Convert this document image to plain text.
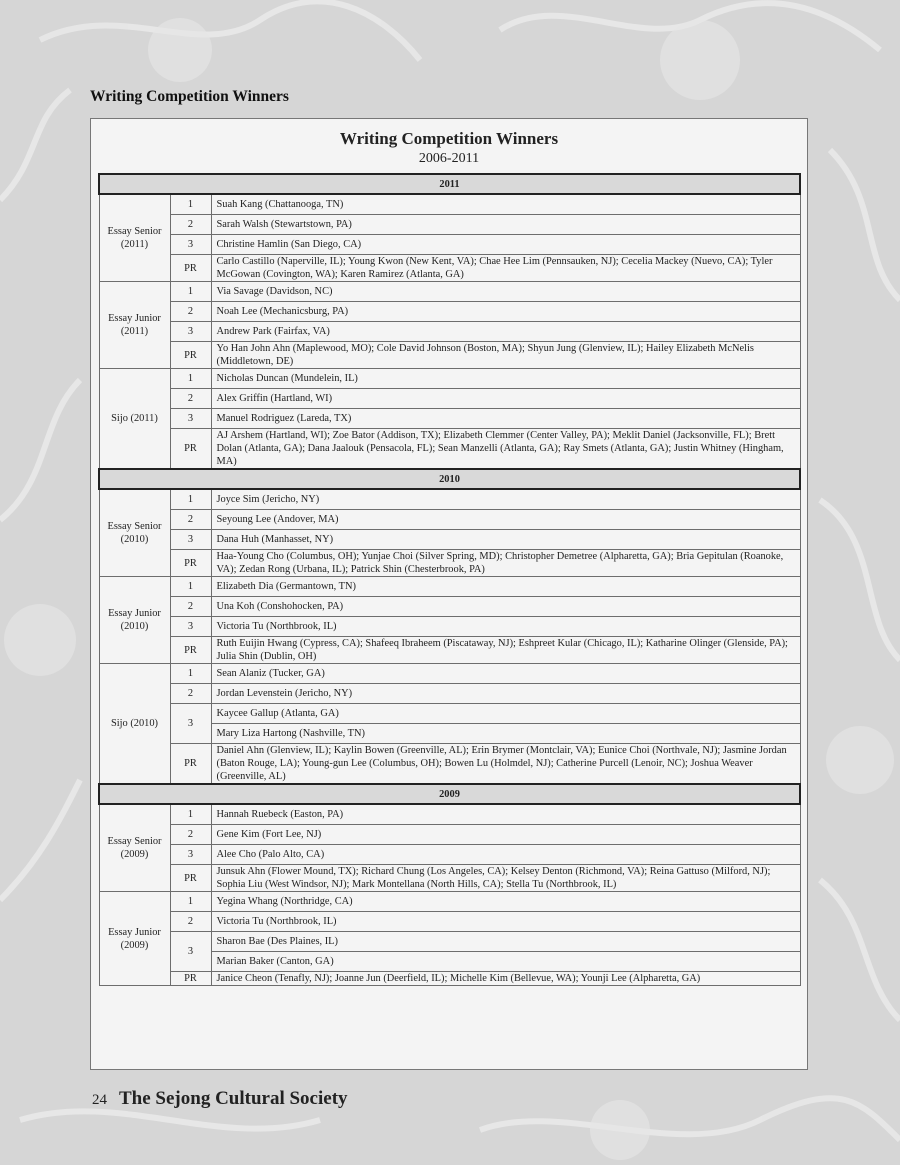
Writing Competition Winners
Writing Competition Winners
2006-2011
2011		
Essay Senior (2011)	1	Suah Kang (Chattanooga, TN)
	2	Sarah Walsh (Stewartstown, PA)
	3	Christine Hamlin (San Diego, CA)
	PR	Carlo Castillo (Naperville, IL); Young Kwon (New Kent, VA); Chae Hee Lim (Pennsauken, NJ); Cecelia Mackey (Nuevo, CA); Tyler McGowan (Covington, WA); Karen Ramirez (Atlanta, GA)
Essay Junior (2011)	1	Via Savage (Davidson, NC)
	2	Noah Lee (Mechanicsburg, PA)
	3	Andrew Park (Fairfax, VA)
	PR	Yo Han John Ahn (Maplewood, MO); Cole David Johnson (Boston, MA); Shyun Jung (Glenview, IL); Hailey Elizabeth McNelis (Middletown, DE)
Sijo (2011)	1	Nicholas Duncan (Mundelein, IL)
	2	Alex Griffin (Hartland, WI)
	3	Manuel Rodriguez (Lareda, TX)
	PR	AJ Arshem (Hartland, WI); Zoe Bator (Addison, TX); Elizabeth Clemmer (Center Valley, PA); Meklit Daniel (Jacksonville, FL); Brett Dolan (Atlanta, GA); Dana Jaalouk (Pensacola, FL); Sean Manzelli (Atlanta, GA); Ray Smets (Atlanta, GA); Justin Whitney (Hingham, MA)
2010		
Essay Senior (2010)	1	Joyce Sim (Jericho, NY)
	2	Seyoung Lee (Andover, MA)
	3	Dana Huh (Manhasset, NY)
	PR	Haa-Young Cho (Columbus, OH); Yunjae Choi (Silver Spring, MD); Christopher Demetree (Alpharetta, GA); Bria Gepitulan (Roanoke, VA); Zedan Rong (Urbana, IL); Patrick Shin (Chesterbrook, PA)
Essay Junior (2010)	1	Elizabeth Dia (Germantown, TN)
	2	Una Koh (Conshohocken, PA)
	3	Victoria Tu (Northbrook, IL)
	PR	Ruth Euijin Hwang (Cypress, CA); Shafeeq Ibraheem (Piscataway, NJ); Eshpreet Kular (Chicago, IL); Katharine Olinger (Glenside, PA); Julia Shin (Dublin, OH)
Sijo (2010)	1	Sean Alaniz (Tucker, GA)
	2	Jordan Levenstein (Jericho, NY)
	3	Kaycee Gallup (Atlanta, GA)
		Mary Liza Hartong (Nashville, TN)
	PR	Daniel Ahn (Glenview, IL); Kaylin Bowen (Greenville, AL); Erin Brymer (Montclair, VA); Eunice Choi (Northvale, NJ); Jasmine Jordan (Baton Rouge, LA); Young-gun Lee (Columbus, OH); Bowen Lu (Holmdel, NJ); Catherine Purcell (Lenoir, NC); Joshua Weaver (Greenville, AL)
2009		
Essay Senior (2009)	1	Hannah Ruebeck (Easton, PA)
	2	Gene Kim (Fort Lee, NJ)
	3	Alee Cho (Palo Alto, CA)
	PR	Junsuk Ahn (Flower Mound, TX); Richard Chung (Los Angeles, CA); Kelsey Denton (Richmond, VA); Reina Gattuso (Milford, NJ); Sophia Liu (West Windsor, NJ); Mark Montellana (North Hills, CA); Stella Tu (Northbrook, IL)
Essay Junior (2009)	1	Yegina Whang (Northridge, CA)
	2	Victoria Tu (Northbrook, IL)
	3	Sharon Bae (Des Plaines, IL)
		Marian Baker (Canton, GA)
	PR	Janice Cheon (Tenafly, NJ); Joanne Jun (Deerfield, IL); Michelle Kim (Bellevue, WA); Younji Lee (Alpharetta, GA)
24 The Sejong Cultural Society
